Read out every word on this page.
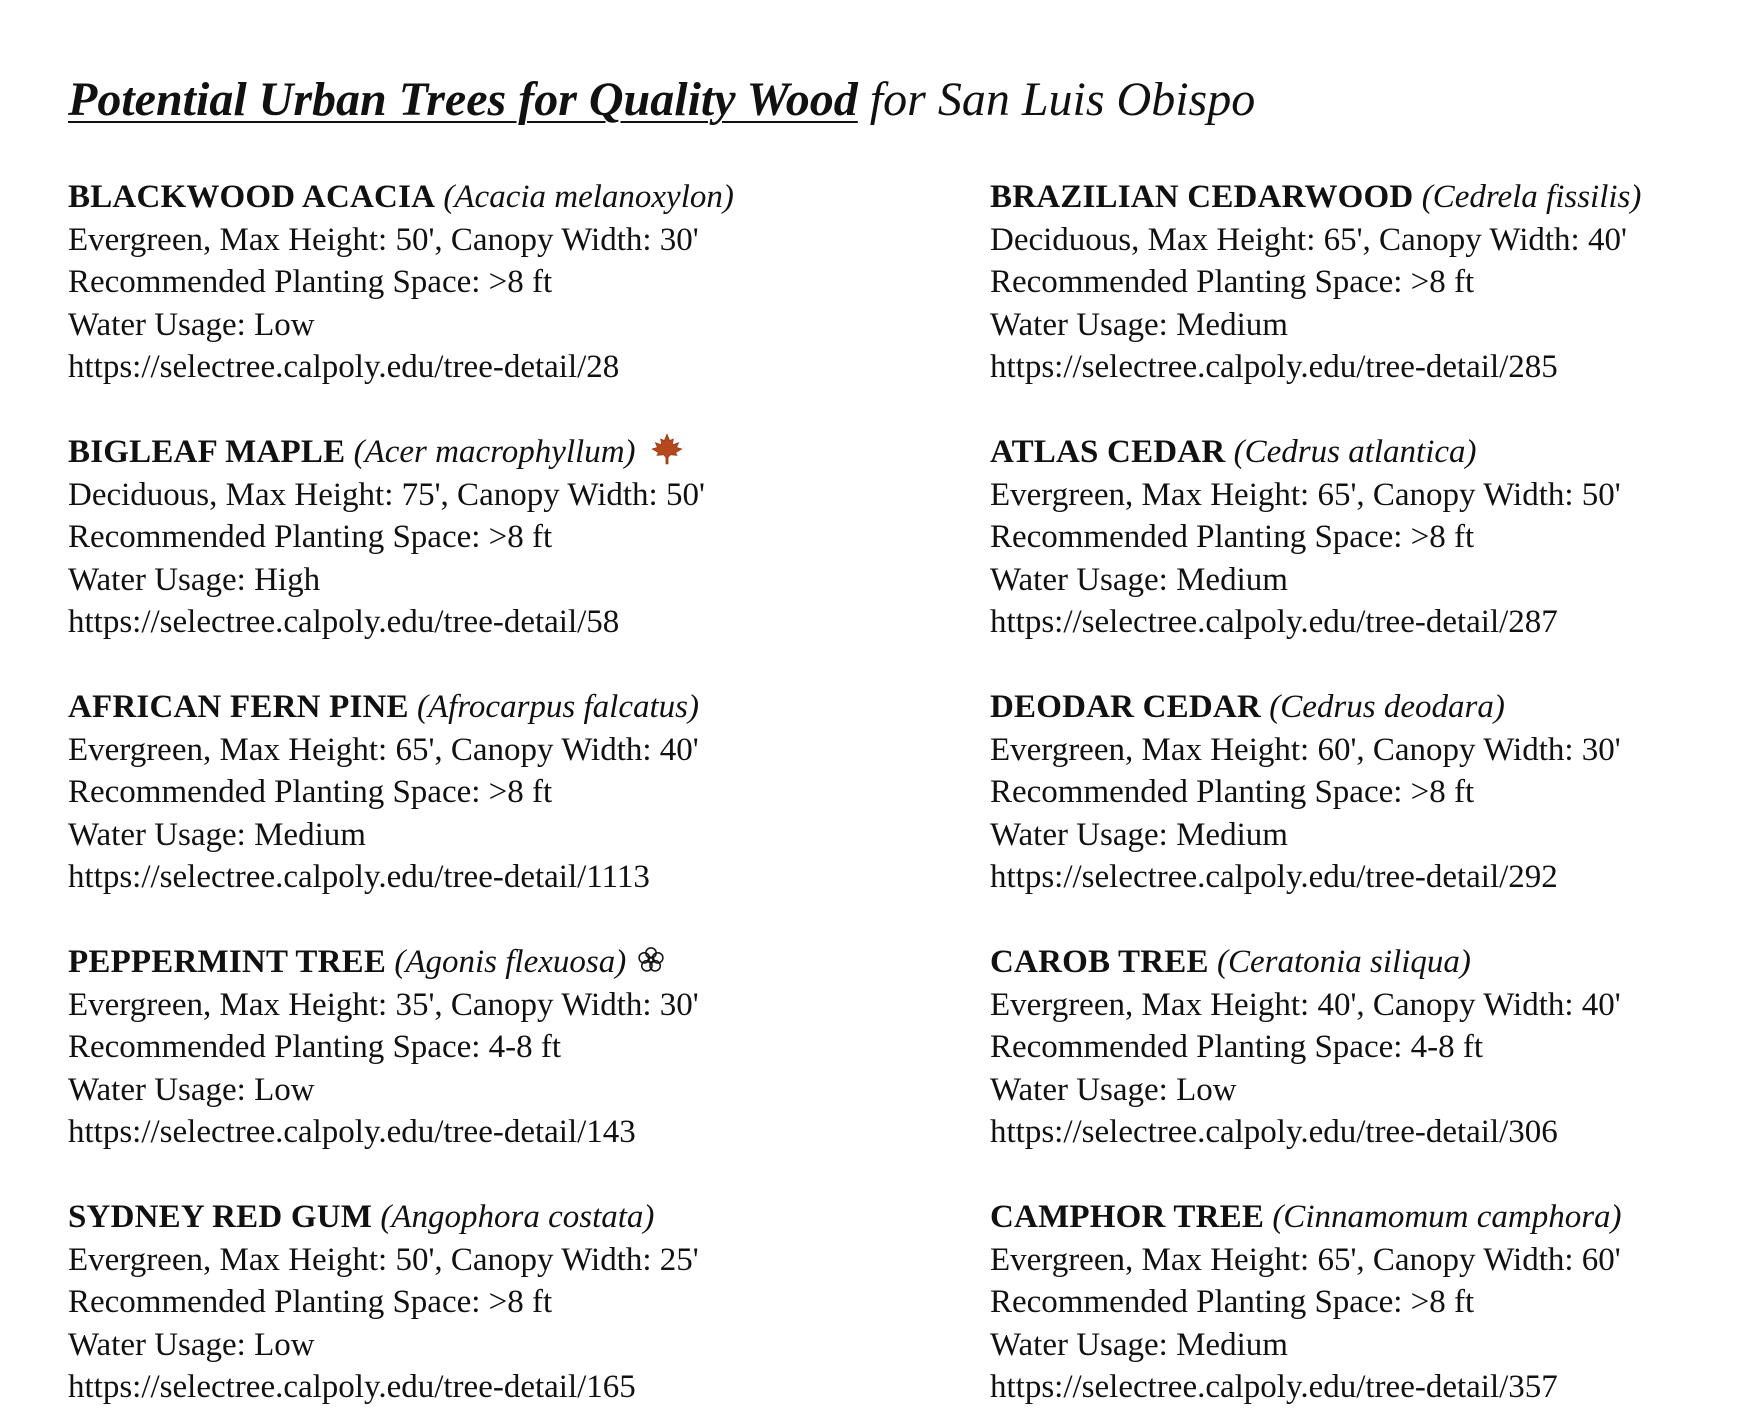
Potential Urban Trees for Quality Wood for San Luis Obispo
BLACKWOOD ACACIA (Acacia melanoxylon)
Evergreen, Max Height: 50', Canopy Width: 30'
Recommended Planting Space: >8 ft
Water Usage: Low
https://selectree.calpoly.edu/tree-detail/28
BIGLEAF MAPLE (Acer macrophyllum)
Deciduous, Max Height: 75', Canopy Width: 50'
Recommended Planting Space: >8 ft
Water Usage: High
https://selectree.calpoly.edu/tree-detail/58
AFRICAN FERN PINE (Afrocarpus falcatus)
Evergreen, Max Height: 65', Canopy Width: 40'
Recommended Planting Space: >8 ft
Water Usage: Medium
https://selectree.calpoly.edu/tree-detail/1113
PEPPERMINT TREE (Agonis flexuosa)
Evergreen, Max Height: 35', Canopy Width: 30'
Recommended Planting Space: 4-8 ft
Water Usage: Low
https://selectree.calpoly.edu/tree-detail/143
SYDNEY RED GUM (Angophora costata)
Evergreen, Max Height: 50', Canopy Width: 25'
Recommended Planting Space: >8 ft
Water Usage: Low
https://selectree.calpoly.edu/tree-detail/165
BRAZILIAN CEDARWOOD (Cedrela fissilis)
Deciduous, Max Height: 65', Canopy Width: 40'
Recommended Planting Space: >8 ft
Water Usage: Medium
https://selectree.calpoly.edu/tree-detail/285
ATLAS CEDAR (Cedrus atlantica)
Evergreen, Max Height: 65', Canopy Width: 50'
Recommended Planting Space: >8 ft
Water Usage: Medium
https://selectree.calpoly.edu/tree-detail/287
DEODAR CEDAR (Cedrus deodara)
Evergreen, Max Height: 60', Canopy Width: 30'
Recommended Planting Space: >8 ft
Water Usage: Medium
https://selectree.calpoly.edu/tree-detail/292
CAROB TREE (Ceratonia siliqua)
Evergreen, Max Height: 40', Canopy Width: 40'
Recommended Planting Space: 4-8 ft
Water Usage: Low
https://selectree.calpoly.edu/tree-detail/306
CAMPHOR TREE (Cinnamomum camphora)
Evergreen, Max Height: 65', Canopy Width: 60'
Recommended Planting Space: >8 ft
Water Usage: Medium
https://selectree.calpoly.edu/tree-detail/357
